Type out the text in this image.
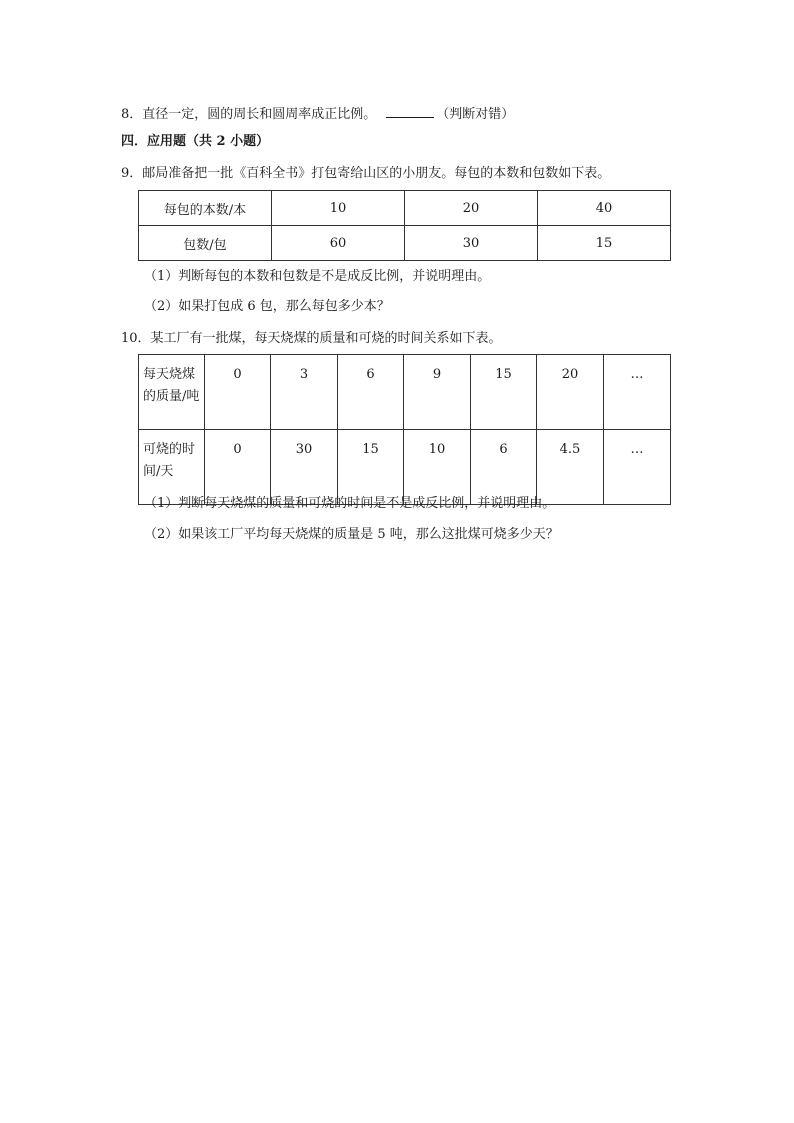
8．直径一定，圆的周长和圆周率成正比例。	（判断对错）
四．应用题（共 2 小题）
9．邮局准备把一批《百科全书》打包寄给山区的小朋友。每包的本数和包数如下表。
每包的本数/本	10	20	40
包数/包	60	30	15
（1）判断每包的本数和包数是不是成反比例，并说明理由。
（2）如果打包成 6 包，那么每包多少本？
10．某工厂有一批煤，每天烧煤的质量和可烧的时间关系如下表。
每天烧煤的质量/吨	0	3	6	9	15	20	…
可烧的时间/天	0	30	15	10	6	4.5	…
（1）判断每天烧煤的质量和可烧的时间是不是成反比例，并说明理由。
（2）如果该工厂平均每天烧煤的质量是 5 吨，那么这批煤可烧多少天？
